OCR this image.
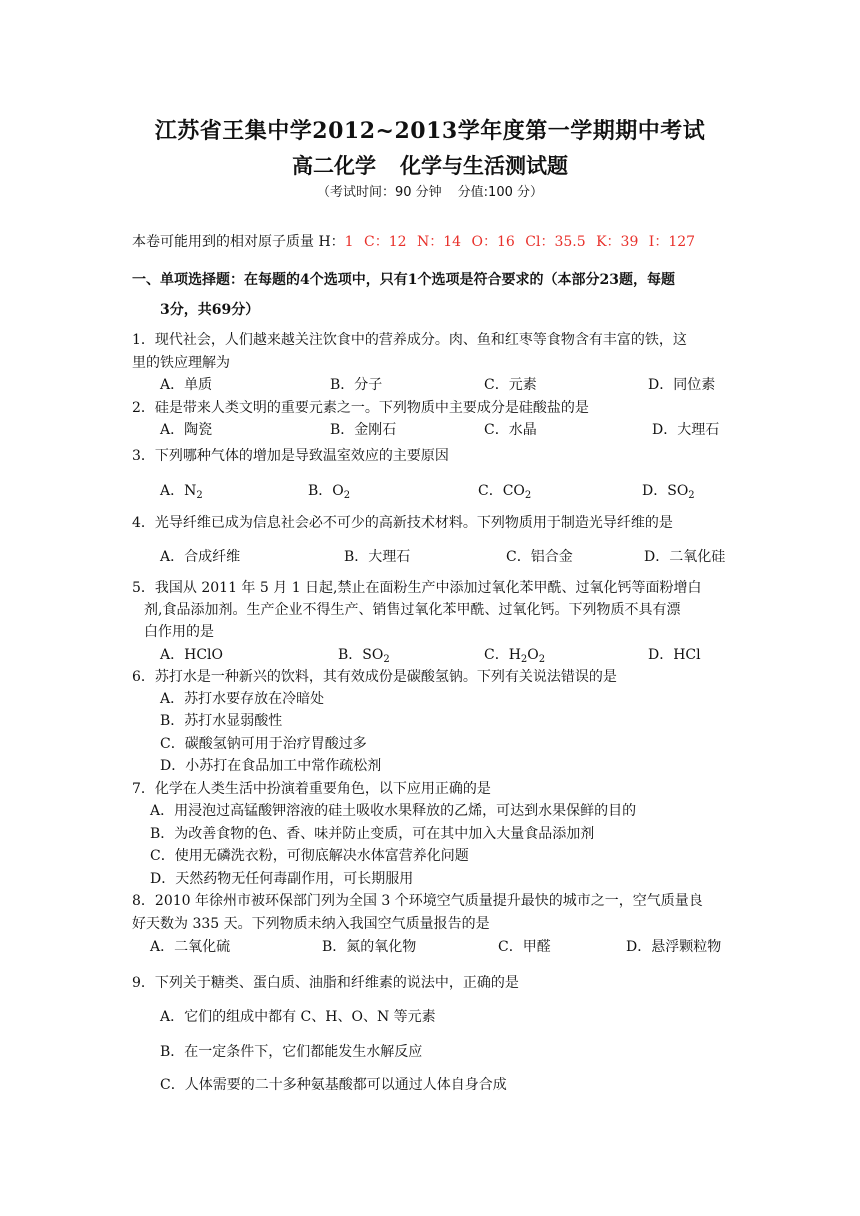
江苏省王集中学2012~2013学年度第一学期期中考试
高二化学 化学与生活测试题
（考试时间：90 分钟 分值:100 分）
本卷可能用到的相对原子质量 H：1 C：12 N：14 O：16 Cl：35.5 K：39 I：127
一、单项选择题：在每题的4个选项中，只有1个选项是符合要求的（本部分23题，每题
3分，共69分）
1．现代社会，人们越来越关注饮食中的营养成分。肉、鱼和红枣等食物含有丰富的铁，这
里的铁应理解为
A．单质	B．分子	C．元素	D．同位素
2．硅是带来人类文明的重要元素之一。下列物质中主要成分是硅酸盐的是
A．陶瓷	B．金刚石	C．水晶	D．大理石
3．下列哪种气体的增加是导致温室效应的主要原因
A．$N_2$	B．$O_2$	C．$CO_2$	D．$SO_2$
4．光导纤维已成为信息社会必不可少的高新技术材料。下列物质用于制造光导纤维的是
A．合成纤维	B．大理石	C．铝合金	D．二氧化硅
5．我国从 2011 年 5 月 1 日起,禁止在面粉生产中添加过氧化苯甲酰、过氧化钙等面粉增白
剂,食品添加剂。生产企业不得生产、销售过氧化苯甲酰、过氧化钙。下列物质不具有漂
白作用的是
A．HClO	B．$SO_2$	C．$H_2O_2$	D．HCl
6．苏打水是一种新兴的饮料，其有效成份是碳酸氢钠。下列有关说法错误的是
A．苏打水要存放在冷暗处
B．苏打水显弱酸性
C．碳酸氢钠可用于治疗胃酸过多
D．小苏打在食品加工中常作疏松剂
7．化学在人类生活中扮演着重要角色，以下应用正确的是
A．用浸泡过高锰酸钾溶液的硅土吸收水果释放的乙烯，可达到水果保鲜的目的
B．为改善食物的色、香、味并防止变质，可在其中加入大量食品添加剂
C．使用无磷洗衣粉，可彻底解决水体富营养化问题
D．天然药物无任何毒副作用，可长期服用
8．2010 年徐州市被环保部门列为全国 3 个环境空气质量提升最快的城市之一，空气质量良
好天数为 335 天。下列物质未纳入我国空气质量报告的是
A．二氧化硫	B．氮的氧化物	C．甲醛	D．悬浮颗粒物
9．下列关于糖类、蛋白质、油脂和纤维素的说法中，正确的是
A．它们的组成中都有 C、H、O、N 等元素
B．在一定条件下，它们都能发生水解反应
C．人体需要的二十多种氨基酸都可以通过人体自身合成
